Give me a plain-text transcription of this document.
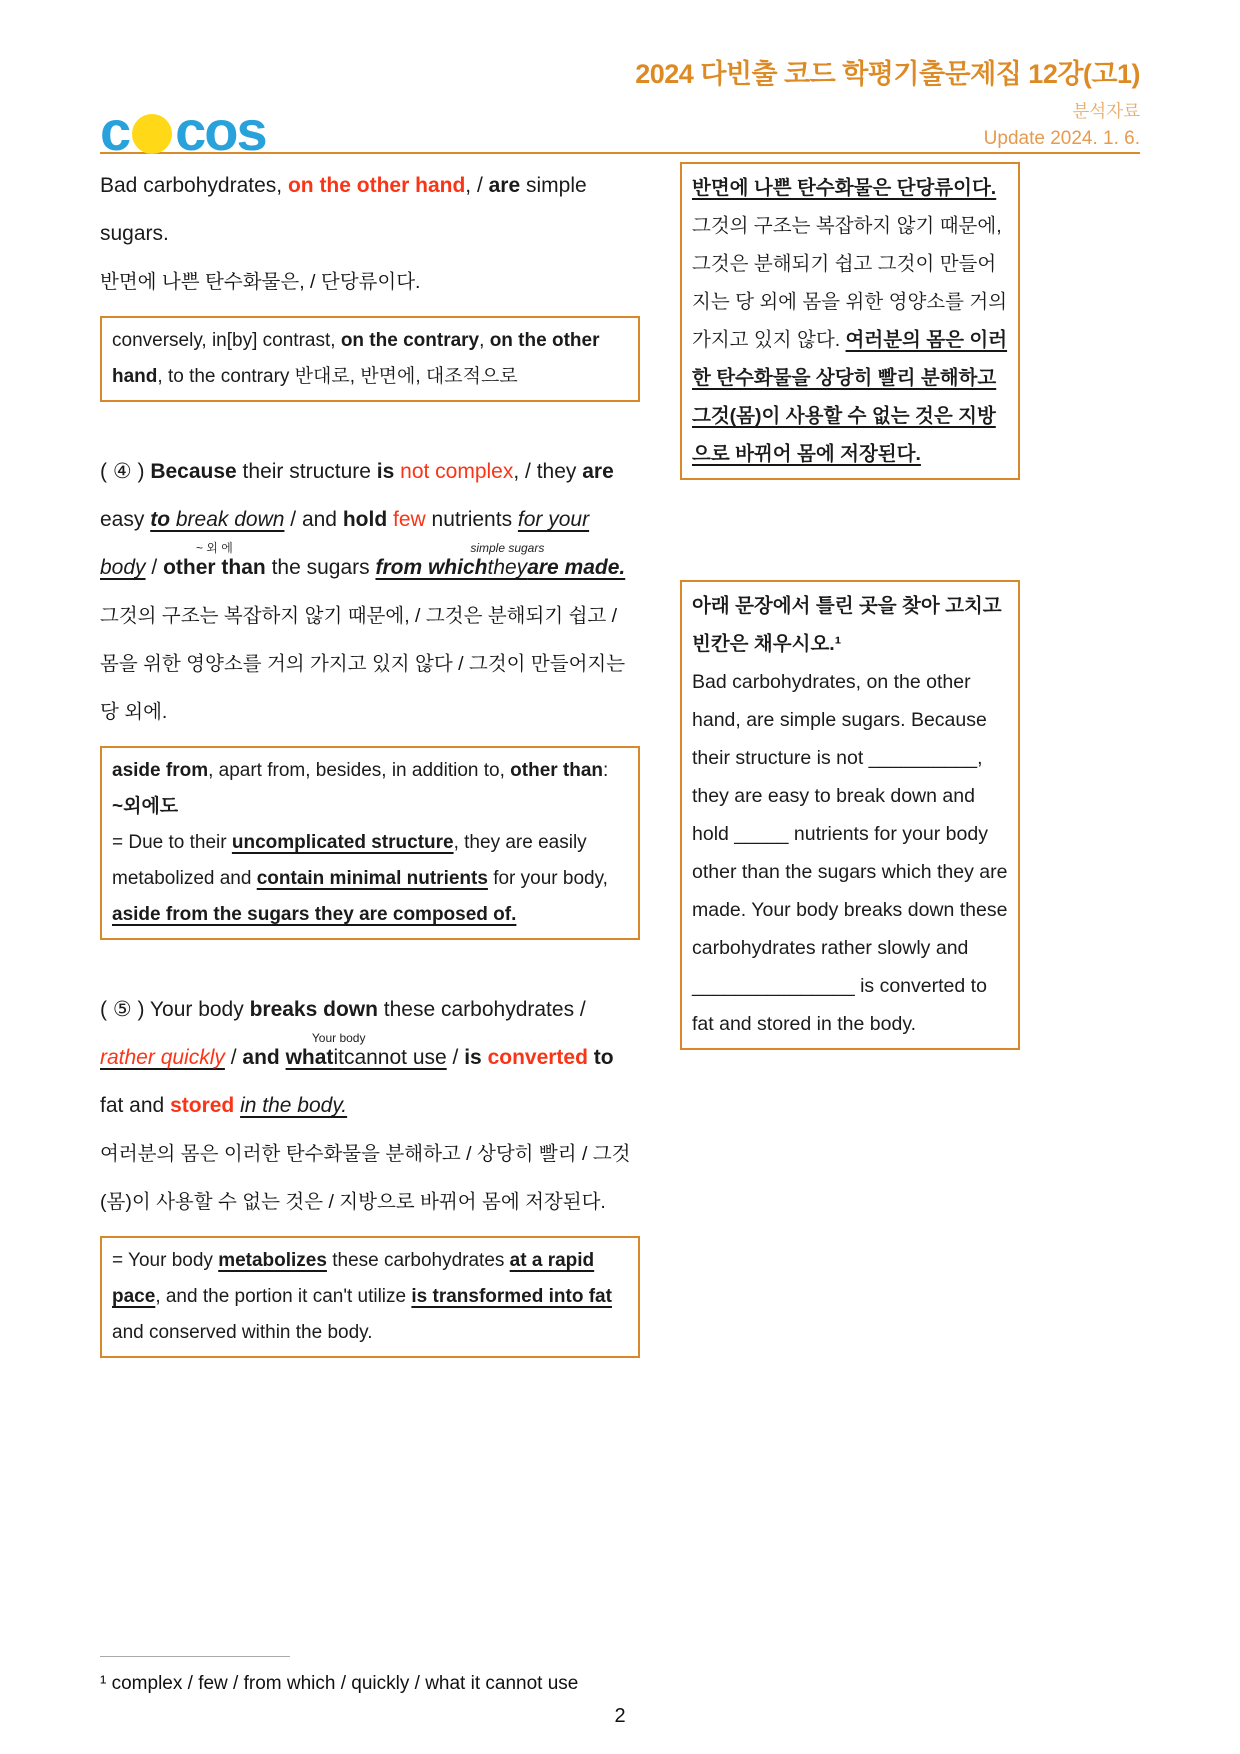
2024 다빈출 코드 학평기출문제집 12강(고1)
분석자료
Update 2024. 1. 6.
c cos

Bad carbohydrates, on the other hand, / are simple sugars.

반면에 나쁜 탄수화물은, / 단당류이다.

conversely, in[by] contrast, on the contrary, on the other hand, to the contrary 반대로, 반면에, 대조적으로

( ④ ) Because their structure is not complex, / they are easy to break down / and hold few nutrients for your body /
~ 외 에
other than the sugars from which
simple sugars
theyare made.

그것의 구조는 복잡하지 않기 때문에, / 그것은 분해되기 쉽고 / 몸을 위한 영양소를 거의 가지고 있지 않다 / 그것이 만들어지는 당 외에.

aside from, apart from, besides, in addition to, other than:

~외에도

= Due to their uncomplicated structure, they are easily metabolized and contain minimal nutrients for your body, aside from the sugars they are composed of.

( ⑤ ) Your body breaks down these carbohydrates / rather quickly / and what
Your body
itcannot use / is converted to fat and stored in the body.

여러분의 몸은 이러한 탄수화물을 분해하고 / 상당히 빨리 / 그것(몸)이 사용할 수 없는 것은 / 지방으로 바뀌어 몸에 저장된다.

= Your body metabolizes these carbohydrates at a rapid pace, and the portion it can't utilize is transformed into fat and conserved within the body.

반면에 나쁜 탄수화물은 단당류이다. 그것의 구조는 복잡하지 않기 때문에, 그것은 분해되기 쉽고 그것이 만들어지는 당 외에 몸을 위한 영양소를 거의 가지고 있지 않다. 여러분의 몸은 이러한 탄수화물을 상당히 빨리 분해하고 그것(몸)이 사용할 수 없는 것은 지방으로 바뀌어 몸에 저장된다.

아래 문장에서 틀린 곳을 찾아 고치고 빈칸은 채우시오.¹

Bad carbohydrates, on the other hand, are simple sugars. Because their structure is not __________, they are easy to break down and hold _____ nutrients for your body other than the sugars which they are made. Your body breaks down these carbohydrates rather slowly and _______________ is converted to fat and stored in the body.

¹ complex / few / from which / quickly / what it cannot use
2
